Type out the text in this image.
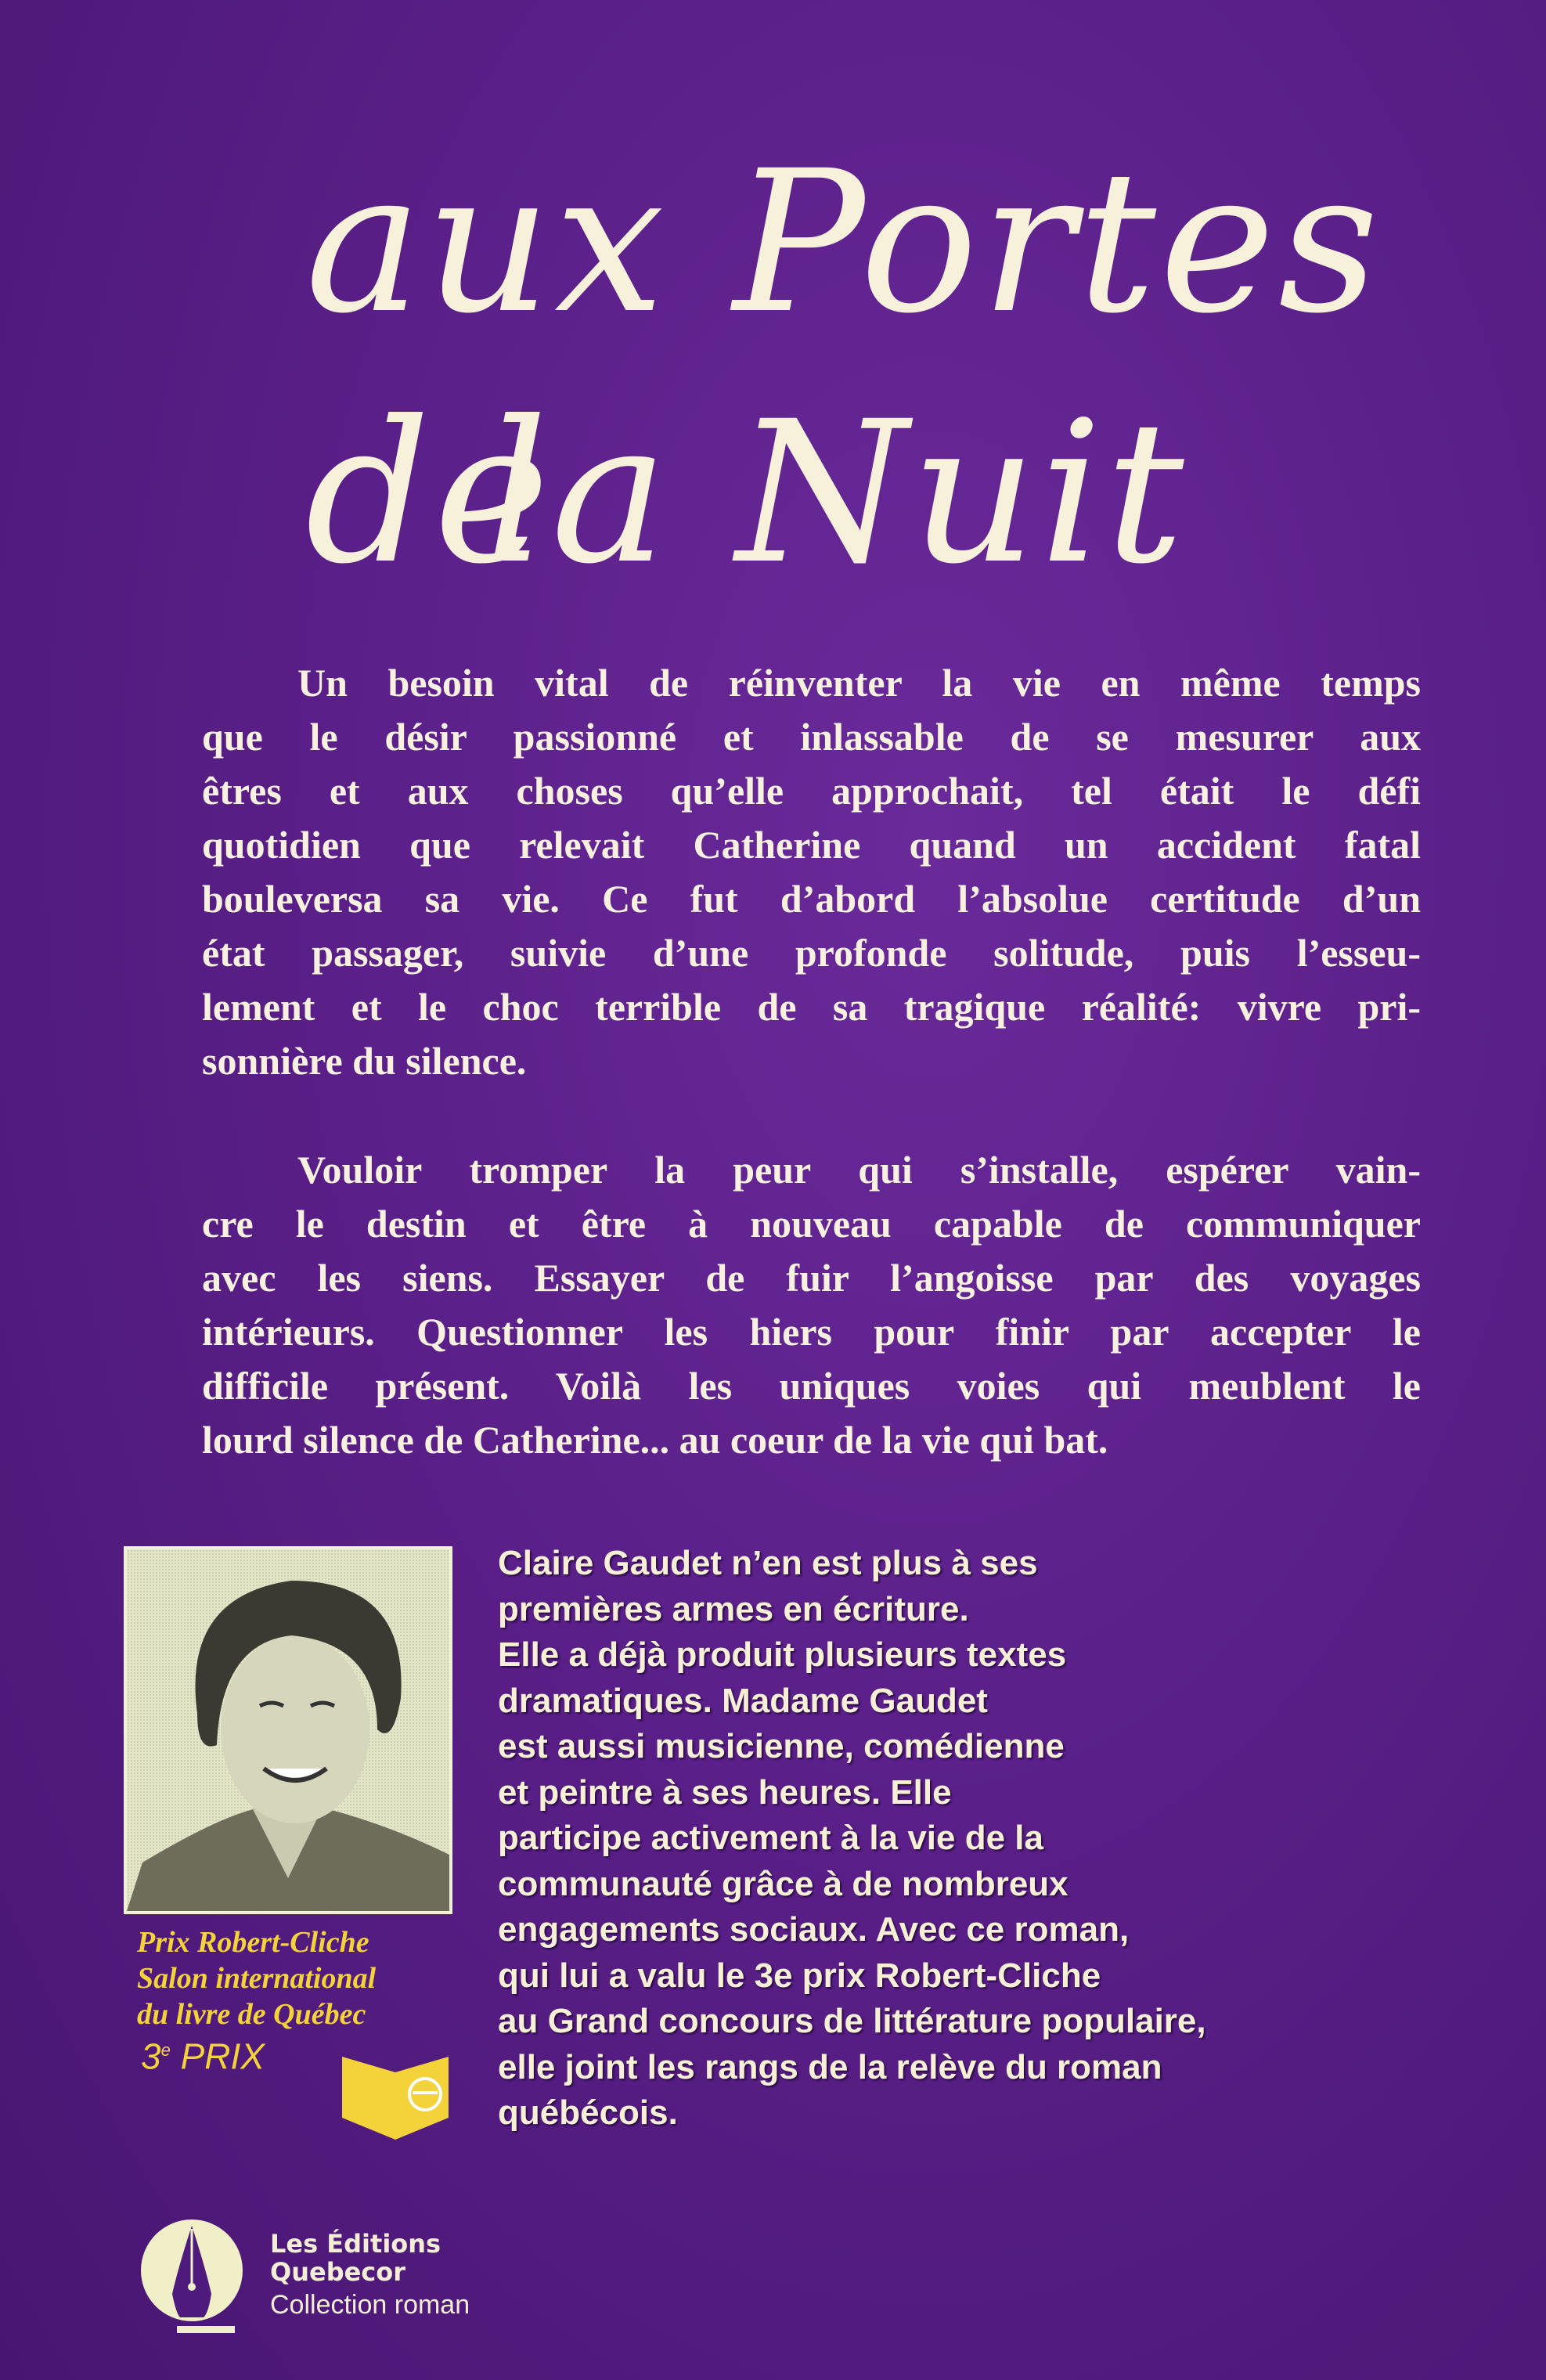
aux Portes de
la Nuit
Un besoin vital de réinventer la vie en même temps
que le désir passionné et inlassable de se mesurer aux
êtres et aux choses qu’elle approchait, tel était le défi
quotidien que relevait Catherine quand un accident fatal
bouleversa sa vie. Ce fut d’abord l’absolue certitude d’un
état passager, suivie d’une profonde solitude, puis l’esseu-
lement et le choc terrible de sa tragique réalité: vivre pri-
sonnière du silence.
Vouloir tromper la peur qui s’installe, espérer vain-
cre le destin et être à nouveau capable de communiquer
avec les siens. Essayer de fuir l’angoisse par des voyages
intérieurs. Questionner les hiers pour finir par accepter le
difficile présent. Voilà les uniques voies qui meublent le
lourd silence de Catherine... au coeur de la vie qui bat.
Prix Robert-Cliche
Salon international
du livre de Québec
3e PRIX
Claire Gaudet n’en est plus à ses
premières armes en écriture.
Elle a déjà produit plusieurs textes
dramatiques. Madame Gaudet
est aussi musicienne, comédienne
et peintre à ses heures. Elle
participe activement à la vie de la
communauté grâce à de nombreux
engagements sociaux. Avec ce roman,
qui lui a valu le 3e prix Robert-Cliche
au Grand concours de littérature populaire,
elle joint les rangs de la relève du roman
québécois.
Les Éditions
Quebecor
Collection roman
